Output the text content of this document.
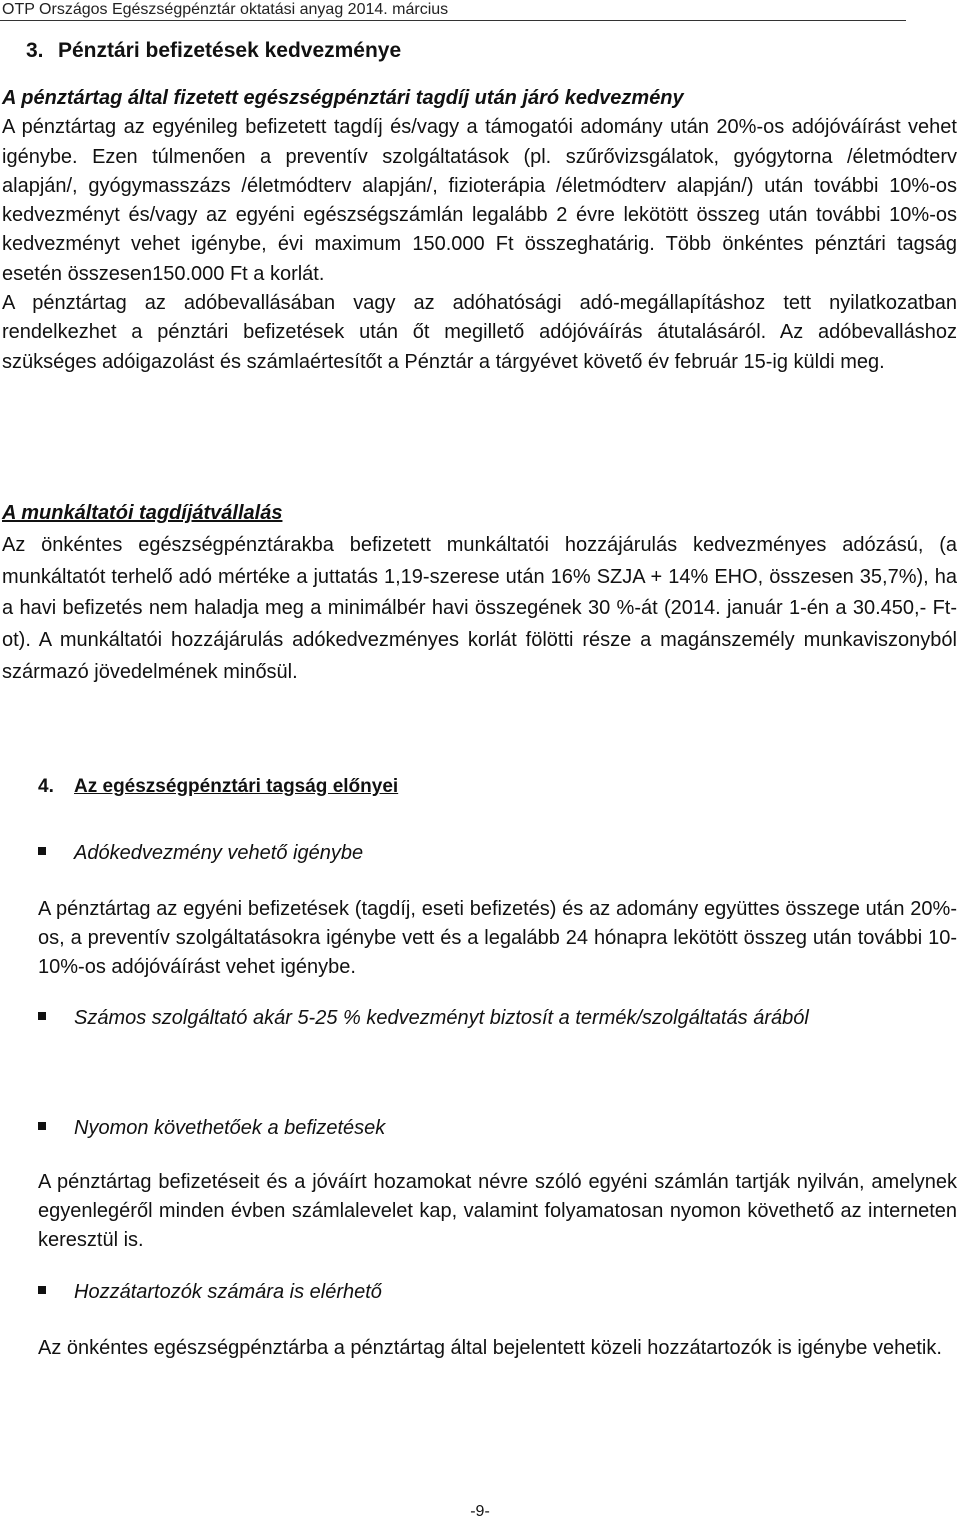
OTP Országos Egészségpénztár oktatási anyag 2014. március
3. Pénztári befizetések kedvezménye

A pénztártag által fizetett egészségpénztári tagdíj után járó kedvezmény

A pénztártag az egyénileg befizetett tagdíj és/vagy a támogatói adomány után 20%-os adójóváírást vehet igénybe. Ezen túlmenően a preventív szolgáltatások (pl. szűrővizsgálatok, gyógytorna /életmódterv alapján/, gyógymasszázs /életmódterv alapján/, fizioterápia /életmódterv alapján/) után további 10%-os kedvezményt és/vagy az egyéni egészségszámlán legalább 2 évre lekötött összeg után további 10%-os kedvezményt vehet igénybe, évi maximum 150.000 Ft összeghatárig. Több önkéntes pénztári tagság esetén összesen150.000 Ft a korlát.

A pénztártag az adóbevallásában vagy az adóhatósági adó-megállapításhoz tett nyilatkozatban rendelkezhet a pénztári befizetések után őt megillető adójóváírás átutalásáról. Az adóbevalláshoz szükséges adóigazolást és számlaértesítőt a Pénztár a tárgyévet követő év február 15-ig küldi meg.

A munkáltatói tagdíjátvállalás

Az önkéntes egészségpénztárakba befizetett munkáltatói hozzájárulás kedvezményes adózású, (a munkáltatót terhelő adó mértéke a juttatás 1,19-szerese után 16% SZJA + 14% EHO, összesen 35,7%), ha a havi befizetés nem haladja meg a minimálbér havi összegének 30 %-át (2014. január 1-én a 30.450,- Ft-ot). A munkáltatói hozzájárulás adókedvezményes korlát fölötti része a magánszemély munkaviszonyból származó jövedelmének minősül.

4. Az egészségpénztári tagság előnyei
Adókedvezmény vehető igénybe

A pénztártag az egyéni befizetések (tagdíj, eseti befizetés) és az adomány együttes összege után 20%-os, a preventív szolgáltatásokra igénybe vett és a legalább 24 hónapra lekötött összeg után további 10-10%-os adójóváírást vehet igénybe.

Számos szolgáltató akár 5-25 % kedvezményt biztosít a termék/szolgáltatás árából
Nyomon követhetőek a befizetések

A pénztártag befizetéseit és a jóváírt hozamokat névre szóló egyéni számlán tartják nyilván, amelynek egyenlegéről minden évben számlalevelet kap, valamint folyamatosan nyomon követhető az interneten keresztül is.

Hozzátartozók számára is elérhető

Az önkéntes egészségpénztárba a pénztártag által bejelentett közeli hozzátartozók is igénybe vehetik.

-9-
